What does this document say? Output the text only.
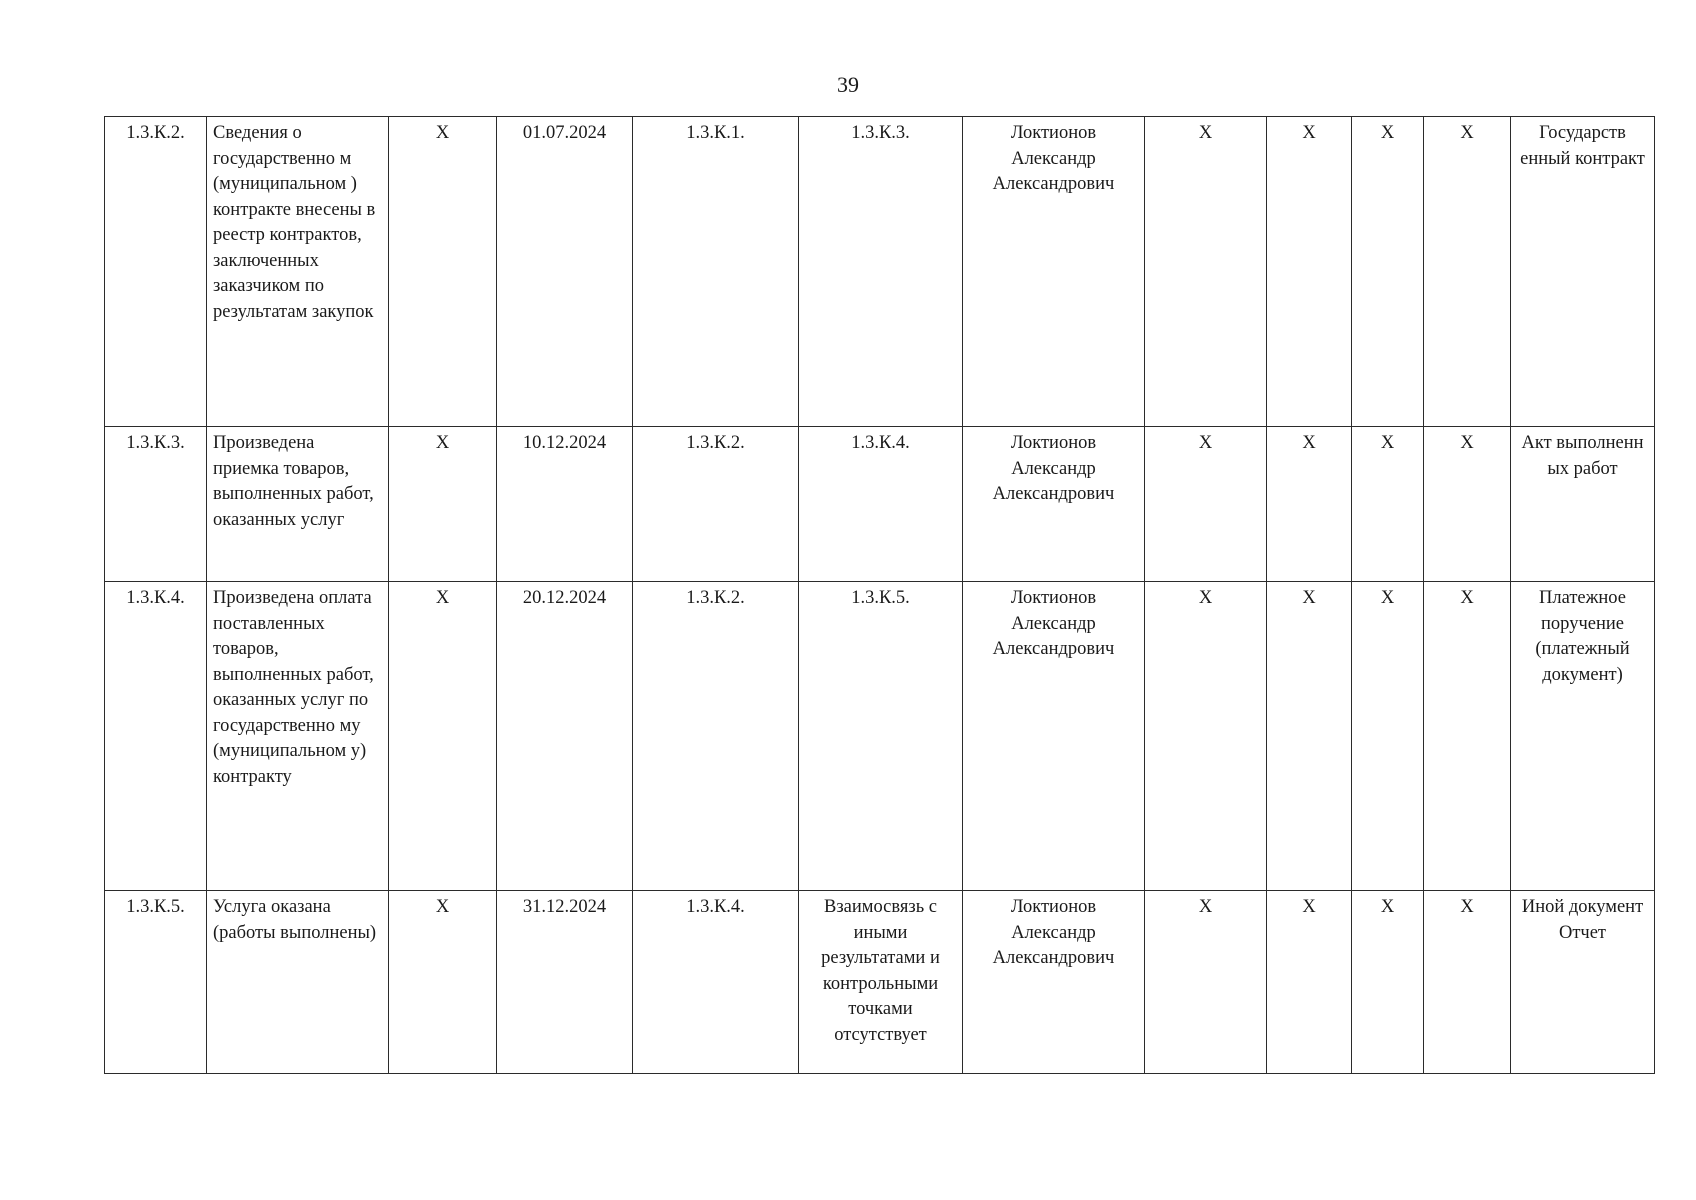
39
1.3.К.2.	Сведения о государственно м (муниципальном ) контракте внесены в реестр контрактов, заключенных заказчиком по результатам закупок	X	01.07.2024	1.3.К.1.	1.3.К.3.	Локтионов Александр Александрович	X	X	X	X	Государств енный контракт
1.3.К.3.	Произведена приемка товаров, выполненных работ, оказанных услуг	X	10.12.2024	1.3.К.2.	1.3.К.4.	Локтионов Александр Александрович	X	X	X	X	Акт выполненн ых работ
1.3.К.4.	Произведена оплата поставленных товаров, выполненных работ, оказанных услуг по государственно му (муниципальном у) контракту	X	20.12.2024	1.3.К.2.	1.3.К.5.	Локтионов Александр Александрович	X	X	X	X	Платежное поручение (платежный документ)
1.3.К.5.	Услуга оказана (работы выполнены)	X	31.12.2024	1.3.К.4.	Взаимосвязь с иными результатами и контрольными точками отсутствует	Локтионов Александр Александрович	X	X	X	X	Иной документ Отчет
